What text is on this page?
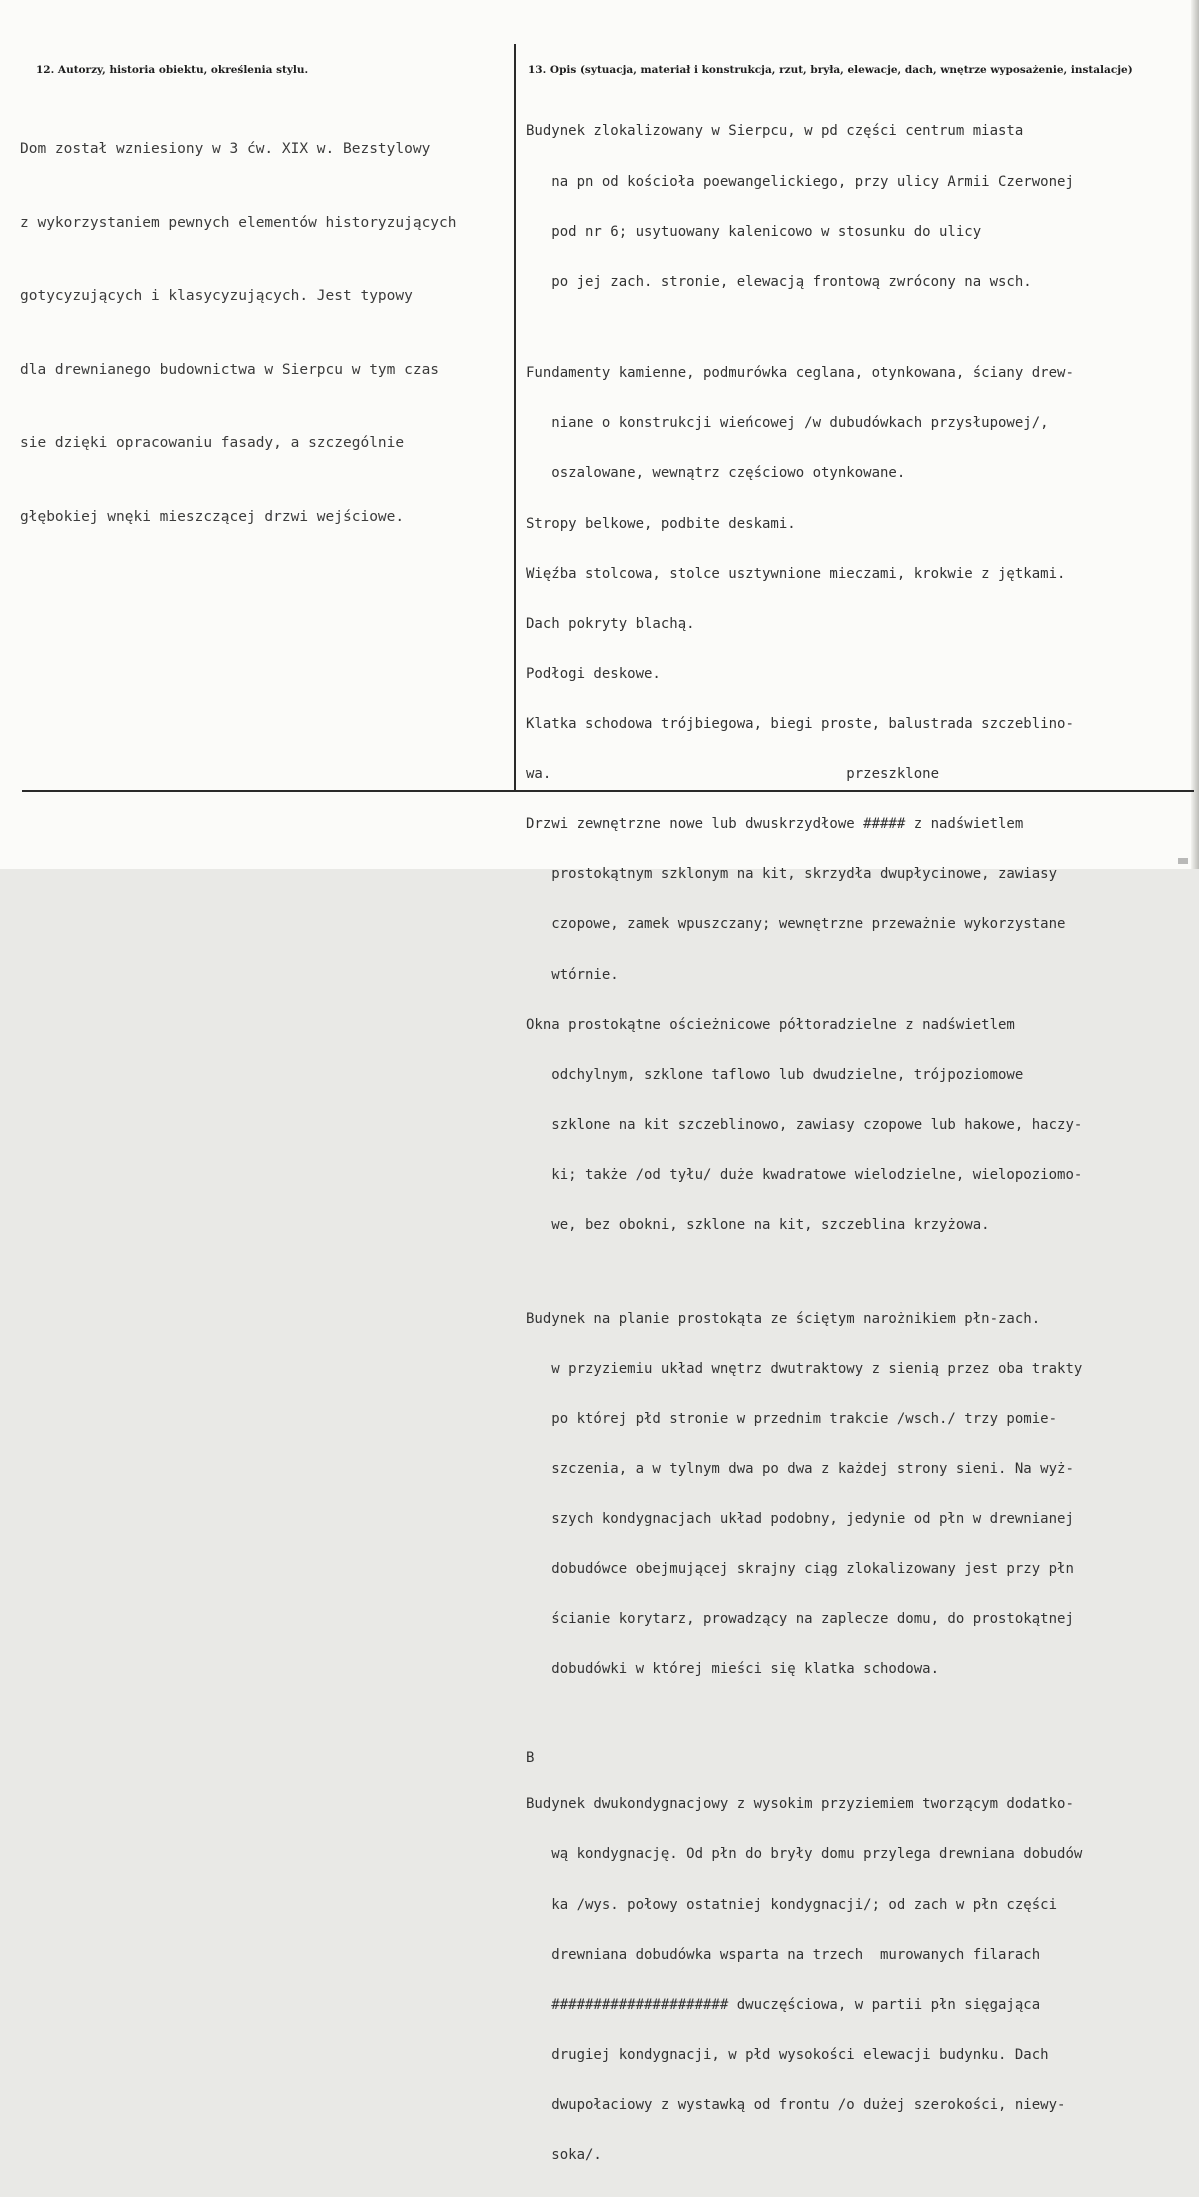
12. Autorzy, historia obiektu, określenia stylu.	13. Opis (sytuacja, materiał i konstrukcja, rzut, bryła, elewacje, dach, wnętrze wyposażenie, instalacje)

Dom został wzniesiony w 3 ćw. XIX w. Bezstylowy

z wykorzystaniem pewnych elementów historyzujących

gotycyzujących i klasycyzujących. Jest typowy

dla drewnianego budownictwa w Sierpcu w tym czas

sie dzięki opracowaniu fasady, a szczególnie

głębokiej wnęki mieszczącej drzwi wejściowe.

Budynek zlokalizowany w Sierpcu, w pd części centrum miasta

na pn od kościoła poewangelickiego, przy ulicy Armii Czerwonej

pod nr 6; usytuowany kalenicowo w stosunku do ulicy

po jej zach. stronie, elewacją frontową zwrócony na wsch.

Fundamenty kamienne, podmurówka ceglana, otynkowana, ściany drew-

niane o konstrukcji wieńcowej /w dubudówkach przysłupowej/,

oszalowane, wewnątrz częściowo otynkowane.

Stropy belkowe, podbite deskami.

Więźba stolcowa, stolce usztywnione mieczami, krokwie z jętkami.

Dach pokryty blachą.

Podłogi deskowe.

Klatka schodowa trójbiegowa, biegi proste, balustrada szczeblino-

wa.                                   przeszklone

Drzwi zewnętrzne nowe lub dwuskrzydłowe ##### z nadświetlem

prostokątnym szklonym na kit, skrzydła dwupłycinowe, zawiasy

czopowe, zamek wpuszczany; wewnętrzne przeważnie wykorzystane

wtórnie.

Okna prostokątne ościeżnicowe półtoradzielne z nadświetlem

odchylnym, szklone taflowo lub dwudzielne, trójpoziomowe

szklone na kit szczeblinowo, zawiasy czopowe lub hakowe, haczy-

ki; także /od tyłu/ duże kwadratowe wielodzielne, wielopoziomo-

we, bez obokni, szklone na kit, szczeblina krzyżowa.

Budynek na planie prostokąta ze ściętym narożnikiem płn-zach.

w przyziemiu układ wnętrz dwutraktowy z sienią przez oba trakty

po której płd stronie w przednim trakcie /wsch./ trzy pomie-

szczenia, a w tylnym dwa po dwa z każdej strony sieni. Na wyż-

szych kondygnacjach układ podobny, jedynie od płn w drewnianej

dobudówce obejmującej skrajny ciąg zlokalizowany jest przy płn

ścianie korytarz, prowadzący na zaplecze domu, do prostokątnej

dobudówki w której mieści się klatka schodowa.

B

Budynek dwukondygnacjowy z wysokim przyziemiem tworzącym dodatko-

wą kondygnację. Od płn do bryły domu przylega drewniana dobudów

ka /wys. połowy ostatniej kondygnacji/; od zach w płn części

drewniana dobudówka wsparta na trzech  murowanych filarach

##################### dwuczęściowa, w partii płn sięgająca

drugiej kondygnacji, w płd wysokości elewacji budynku. Dach

dwupołaciowy z wystawką od frontu /o dużej szerokości, niewy-

soka/.
